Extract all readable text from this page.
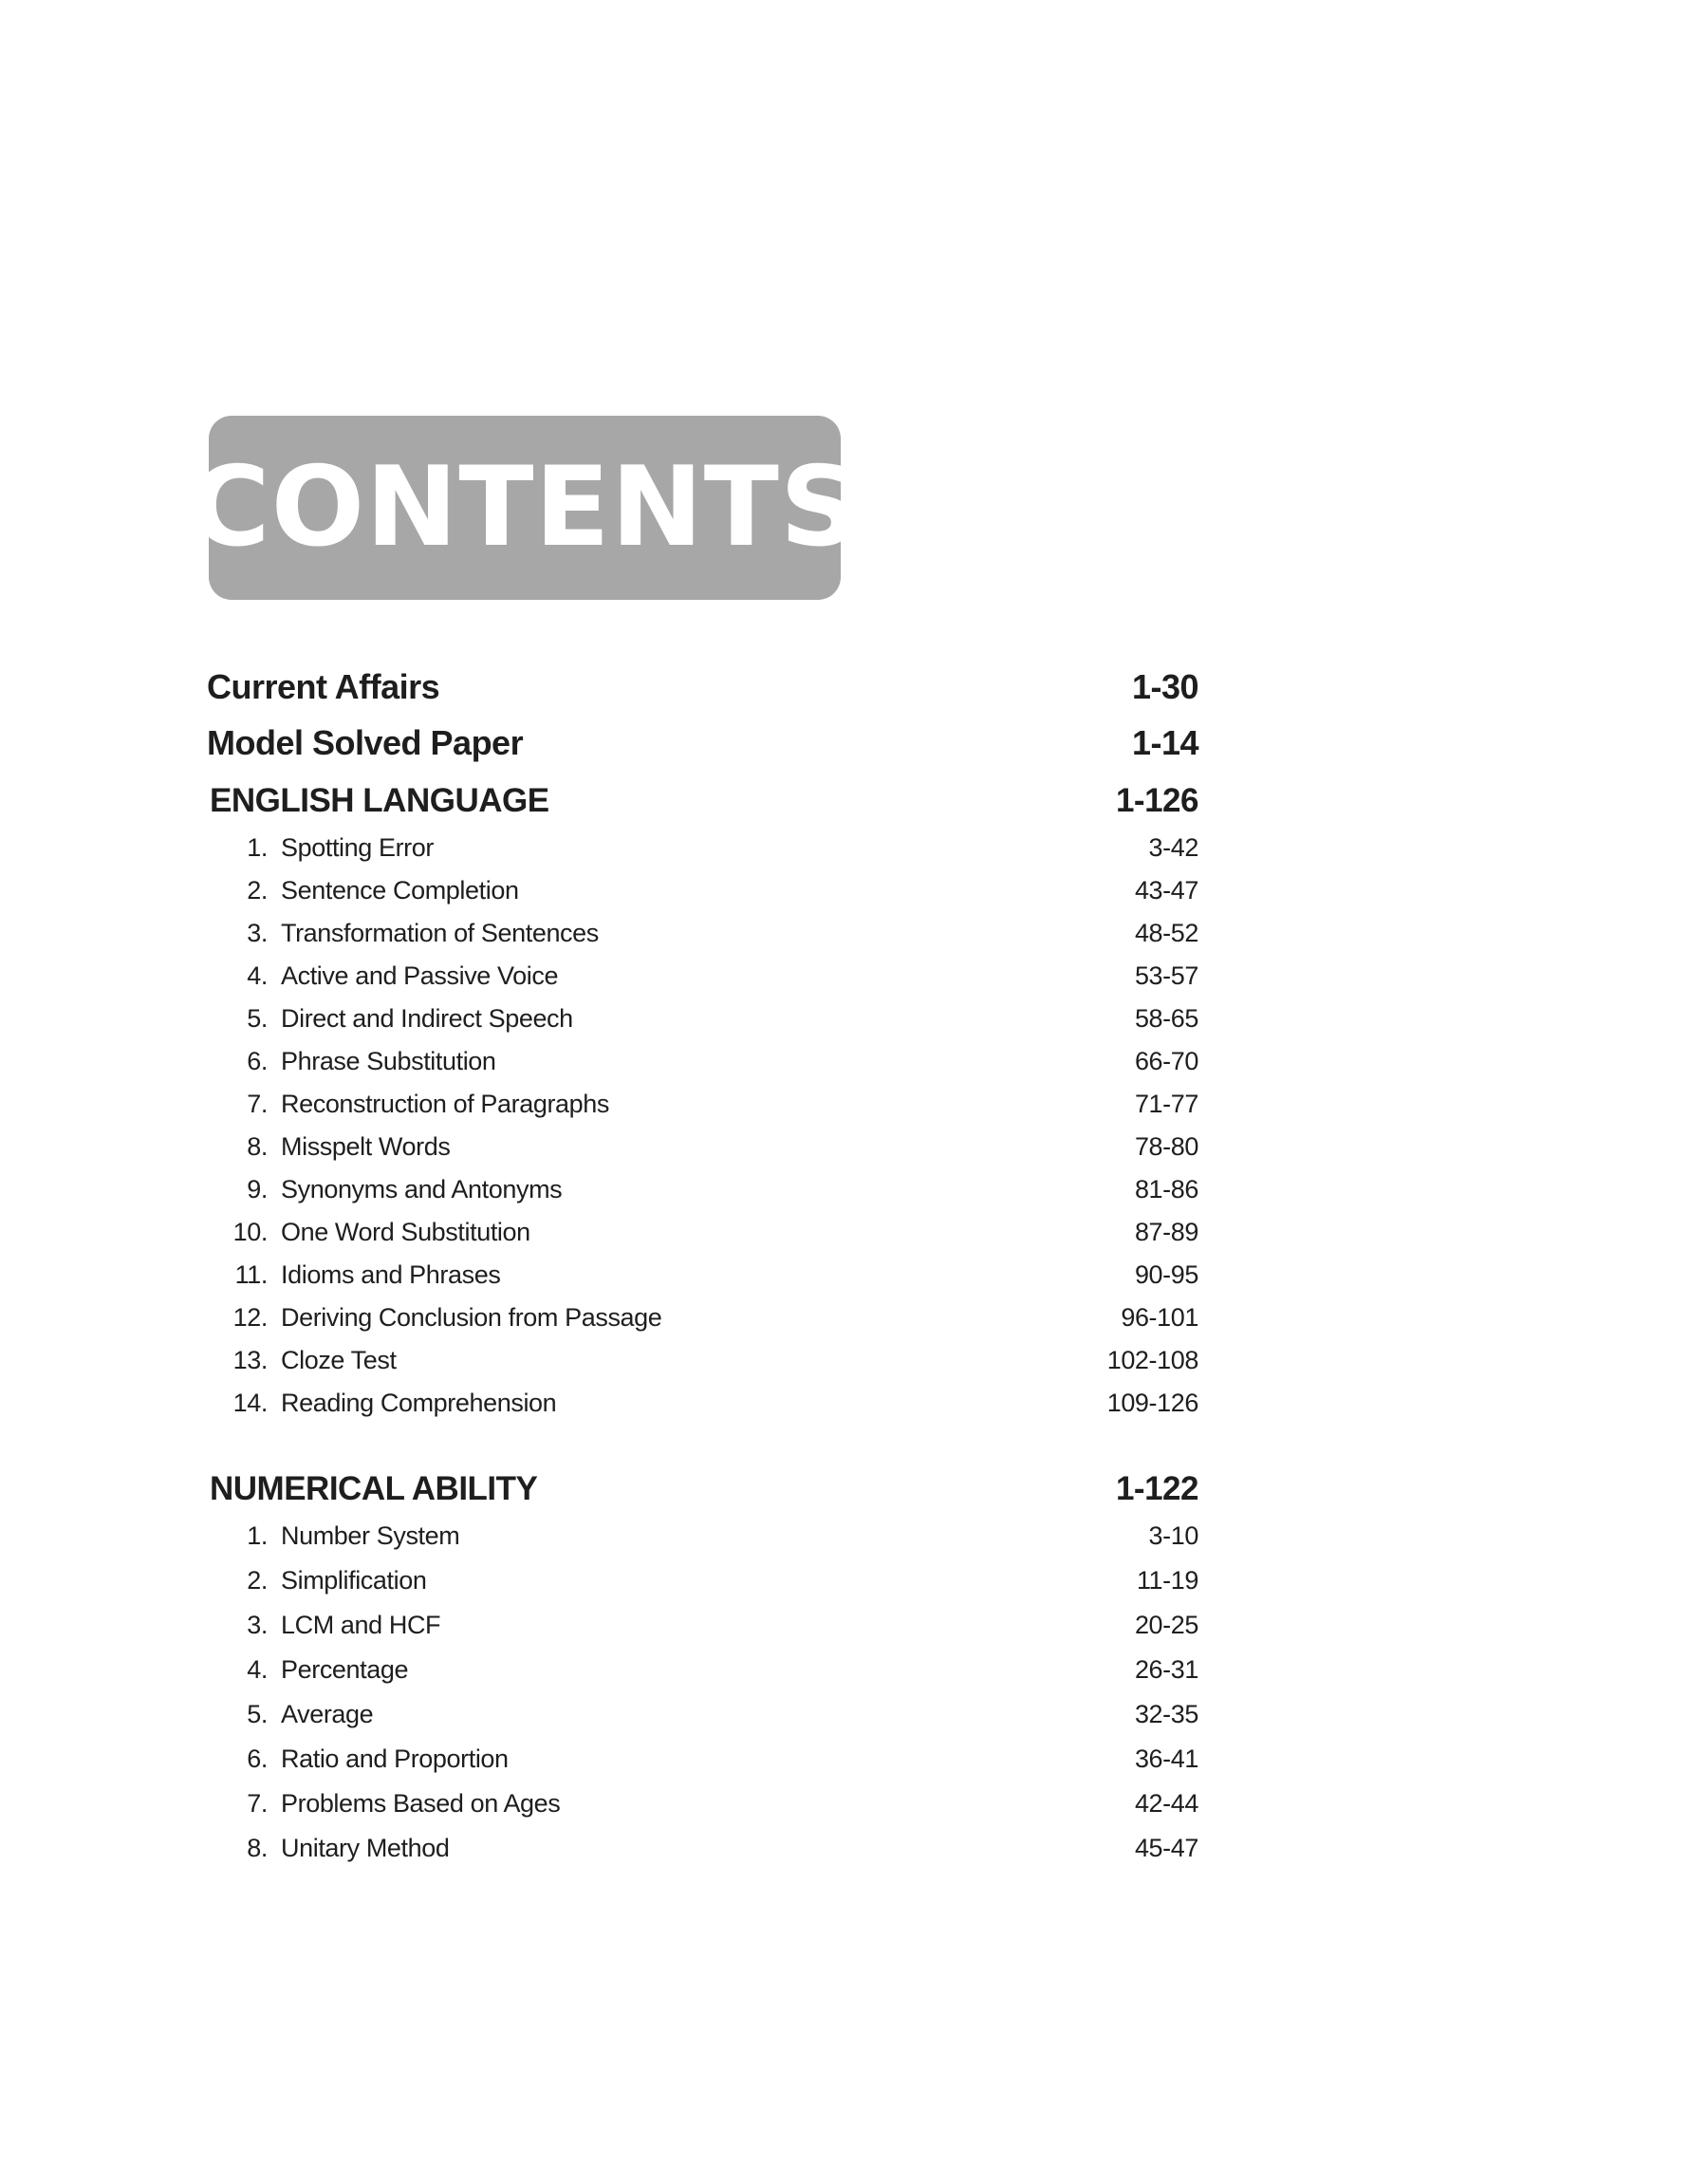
CONTENTS
Current Affairs	1-30
Model Solved Paper	1-14
ENGLISH LANGUAGE	1-126
1. Spotting Error	3-42
2. Sentence Completion	43-47
3. Transformation of Sentences	48-52
4. Active and Passive Voice	53-57
5. Direct and Indirect Speech	58-65
6. Phrase Substitution	66-70
7. Reconstruction of Paragraphs	71-77
8. Misspelt Words	78-80
9. Synonyms and Antonyms	81-86
10. One Word Substitution	87-89
11. Idioms and Phrases	90-95
12. Deriving Conclusion from Passage	96-101
13. Cloze Test	102-108
14. Reading Comprehension	109-126
NUMERICAL ABILITY	1-122
1. Number System	3-10
2. Simplification	11-19
3. LCM and HCF	20-25
4. Percentage	26-31
5. Average	32-35
6. Ratio and Proportion	36-41
7. Problems Based on Ages	42-44
8. Unitary Method	45-47
